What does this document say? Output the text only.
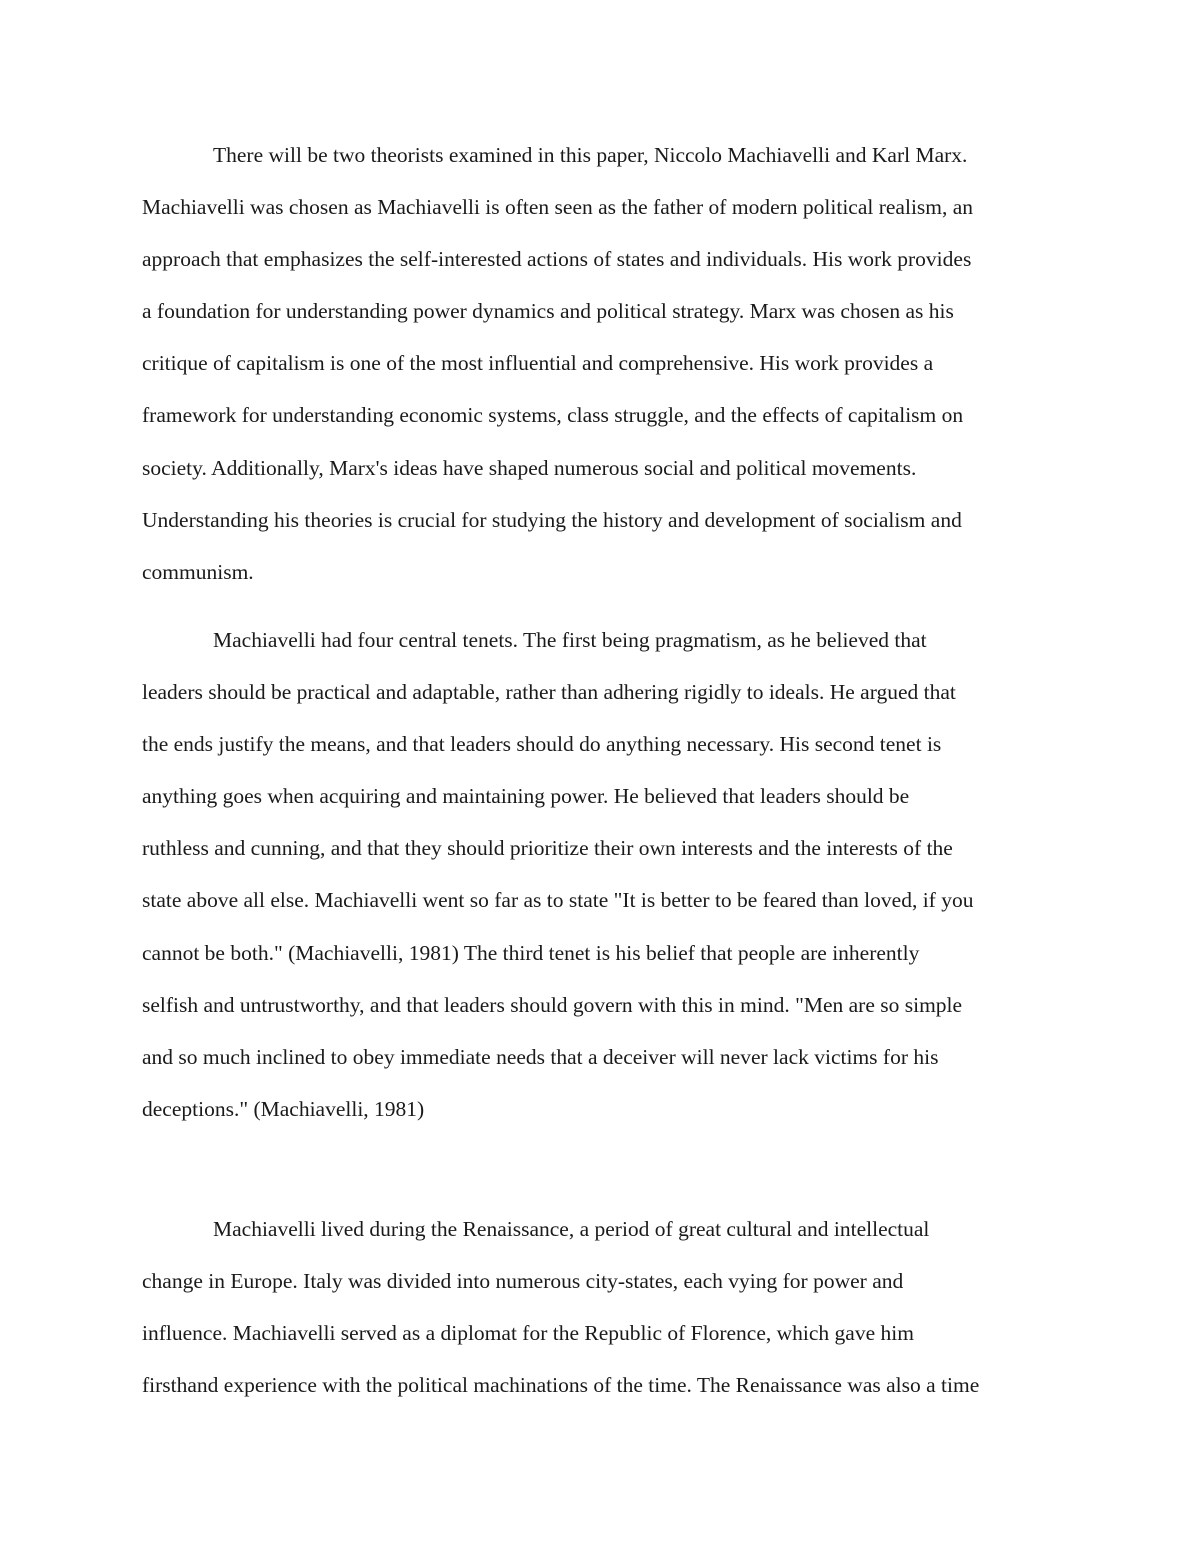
There will be two theorists examined in this paper, Niccolo Machiavelli and Karl Marx.
Machiavelli was chosen as Machiavelli is often seen as the father of modern political realism, an
approach that emphasizes the self-interested actions of states and individuals. His work provides
a foundation for understanding power dynamics and political strategy. Marx was chosen as his
critique of capitalism is one of the most influential and comprehensive. His work provides a
framework for understanding economic systems, class struggle, and the effects of capitalism on
society. Additionally, Marx's ideas have shaped numerous social and political movements.
Understanding his theories is crucial for studying the history and development of socialism and
communism.
Machiavelli had four central tenets. The first being pragmatism, as he believed that
leaders should be practical and adaptable, rather than adhering rigidly to ideals. He argued that
the ends justify the means, and that leaders should do anything necessary. His second tenet is
anything goes when acquiring and maintaining power. He believed that leaders should be
ruthless and cunning, and that they should prioritize their own interests and the interests of the
state above all else. Machiavelli went so far as to state "It is better to be feared than loved, if you
cannot be both." (Machiavelli, 1981) The third tenet is his belief that people are inherently
selfish and untrustworthy, and that leaders should govern with this in mind. "Men are so simple
and so much inclined to obey immediate needs that a deceiver will never lack victims for his
deceptions." (Machiavelli, 1981)
Machiavelli lived during the Renaissance, a period of great cultural and intellectual
change in Europe. Italy was divided into numerous city-states, each vying for power and
influence. Machiavelli served as a diplomat for the Republic of Florence, which gave him
firsthand experience with the political machinations of the time. The Renaissance was also a time
